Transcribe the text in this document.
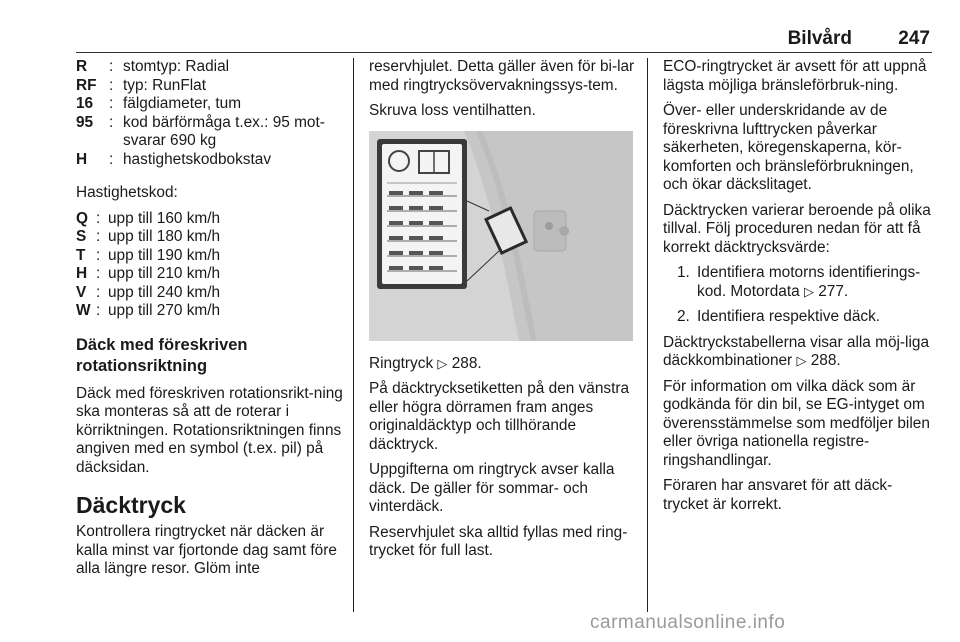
Bilvård 247
R	:	stomtyp: Radial
RF	:	typ: RunFlat
16	:	fälgdiameter, tum
95	:	kod bärförmåga t.ex.: 95 mot-svarar 690 kg
H	:	hastighetskodbokstav

Hastighetskod:

Q	:	upp till 160 km/h
S	:	upp till 180 km/h
T	:	upp till 190 km/h
H	:	upp till 210 km/h
V	:	upp till 240 km/h
W	:	upp till 270 km/h
Däck med föreskriven rotationsriktning

Däck med föreskriven rotationsrikt-ning ska monteras så att de roterar i körriktningen. Rotationsriktningen finns angiven med en symbol (t.ex. pil) på däcksidan.

Däcktryck

Kontrollera ringtrycket när däcken är kalla minst var fjortonde dag samt före alla längre resor. Glöm inte

reservhjulet. Detta gäller även för bi-lar med ringtrycksövervakningssys-tem.

Skruva loss ventilhatten.

Ringtryck ▷ 288.

På däcktrycksetiketten på den vänstra eller högra dörramen fram anges originaldäcktyp och tillhörande däcktryck.

Uppgifterna om ringtryck avser kalla däck. De gäller för sommar- och vinterdäck.

Reservhjulet ska alltid fyllas med ring-trycket för full last.

ECO-ringtrycket är avsett för att uppnå lägsta möjliga bränsleförbruk-ning.

Över- eller underskridande av de föreskrivna lufttrycken påverkar säkerheten, köregenskaperna, kör-komforten och bränsleförbrukningen, och ökar däckslitaget.

Däcktrycken varierar beroende på olika tillval. Följ proceduren nedan för att få korrekt däcktrycksvärde:

1. Identifiera motorns identifierings-kod. Motordata ▷ 277.
2. Identifiera respektive däck.

Däcktryckstabellerna visar alla möj-liga däckkombinationer ▷ 288.

För information om vilka däck som är godkända för din bil, se EG-intyget om överensstämmelse som medföljer bilen eller övriga nationella registre-ringshandlingar.

Föraren har ansvaret för att däck-trycket är korrekt.

carmanualsonline.info
